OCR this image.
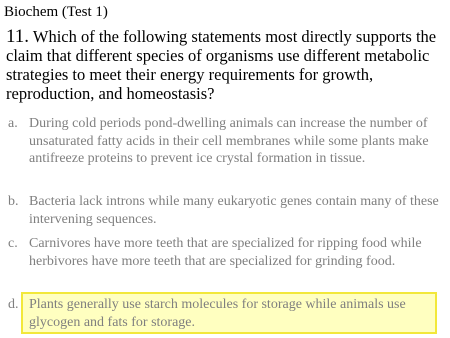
Biochem (Test 1)
11. Which of the following statements most directly supports the claim that different species of organisms use different metabolic strategies to meet their energy requirements for growth, reproduction, and homeostasis?
a. During cold periods pond-dwelling animals can increase the number of unsaturated fatty acids in their cell membranes while some plants make antifreeze proteins to prevent ice crystal formation in tissue.
b. Bacteria lack introns while many eukaryotic genes contain many of these intervening sequences.
c. Carnivores have more teeth that are specialized for ripping food while herbivores have more teeth that are specialized for grinding food.
d. Plants generally use starch molecules for storage while animals use glycogen and fats for storage.
